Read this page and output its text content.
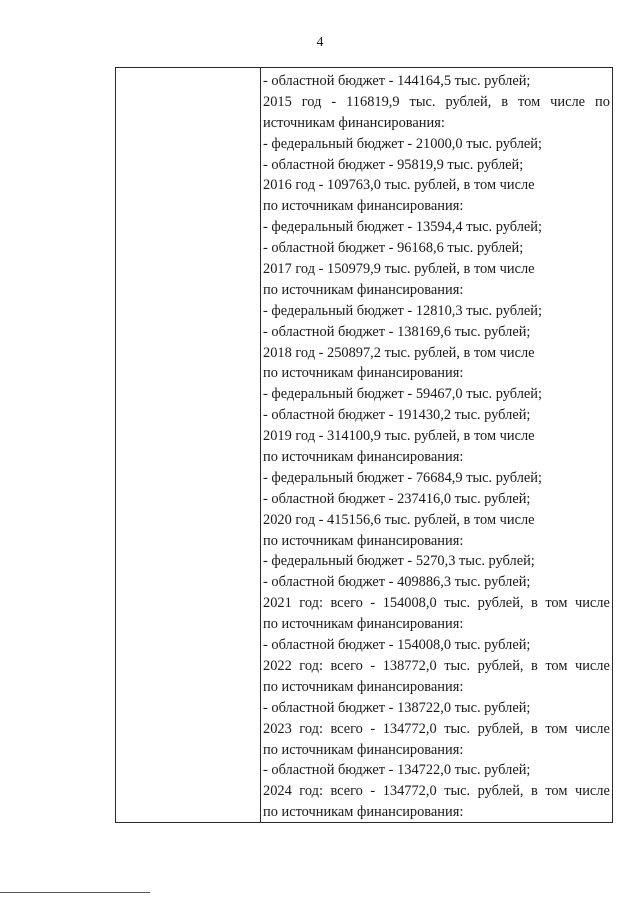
4
- областной бюджет - 144164,5 тыс. рублей;
2015 год - 116819,9 тыс. рублей, в том числе по
источникам финансирования:
- федеральный бюджет - 21000,0 тыс. рублей;
- областной бюджет - 95819,9 тыс. рублей;
2016 год - 109763,0 тыс. рублей, в том числе
по источникам финансирования:
- федеральный бюджет - 13594,4 тыс. рублей;
- областной бюджет - 96168,6 тыс. рублей;
2017 год - 150979,9 тыс. рублей, в том числе
по источникам финансирования:
- федеральный бюджет - 12810,3 тыс. рублей;
- областной бюджет - 138169,6 тыс. рублей;
2018 год - 250897,2 тыс. рублей, в том числе
по источникам финансирования:
- федеральный бюджет - 59467,0 тыс. рублей;
- областной бюджет - 191430,2 тыс. рублей;
2019 год - 314100,9 тыс. рублей, в том числе
по источникам финансирования:
- федеральный бюджет - 76684,9 тыс. рублей;
- областной бюджет - 237416,0 тыс. рублей;
2020 год - 415156,6 тыс. рублей, в том числе
по источникам финансирования:
- федеральный бюджет - 5270,3 тыс. рублей;
- областной бюджет - 409886,3 тыс. рублей;
2021 год: всего - 154008,0 тыс. рублей, в том числе
по источникам финансирования:
- областной бюджет - 154008,0 тыс. рублей;
2022 год: всего - 138772,0 тыс. рублей, в том числе
по источникам финансирования:
- областной бюджет - 138722,0 тыс. рублей;
2023 год: всего - 134772,0 тыс. рублей, в том числе
по источникам финансирования:
- областной бюджет - 134722,0 тыс. рублей;
2024 год: всего - 134772,0 тыс. рублей, в том числе
по источникам финансирования:
